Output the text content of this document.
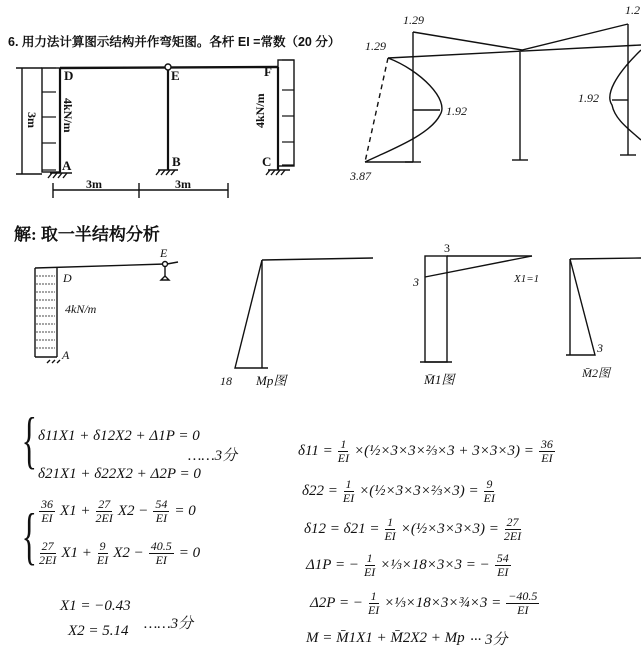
6. 用力法计算图示结构并作弯矩图。各杆 EI =常数（20 分）
D	E	F
A	B	C
4kN/m	4kN/m
3m
3m	3m
1.29
1.29
1.92
3.87
1.2
1.92
D
E
A
4kN/m
18 Mp图
3
3	X1=1
M̄1图
3
M̄2图
解: 取一半结构分析
{
{
δ11X1 + δ12X2 + Δ1P = 0
δ21X1 + δ22X2 + Δ2P = 0
$\frac{36}{EI} X1 + \frac{27}{2EI} X2 - \frac{54}{EI} = 0$
$\frac{27}{2EI} X1 + \frac{9}{EI} X2 - \frac{40.5}{EI} = 0$
X1 = −0.43
X2 = 5.14
$\delta 11 = \frac{1}{EI}$ ×(½×3×3×⅔×3 + $3\times 3\times 3) = \frac{36}{EI}$
$\delta 22 = \frac{1}{EI}$ ×(½×3×3×⅔×3) = $\frac{9}{EI}$
$\delta 12 = \delta 21 = \frac{1}{EI}$ ×(½×3×3×3) = $\frac{27}{2EI}$
Δ1P = − $\frac{1}{EI}$ ×⅓×18×3×3 = − $\frac{54}{EI}$
Δ2P = − $\frac{1}{EI}$ ×⅓×18×3×¾×3 = $\frac{-40.5}{EI}$
M = M̄1X1 + M̄2X2 + Mp
……3分
……3分
··· 3分
